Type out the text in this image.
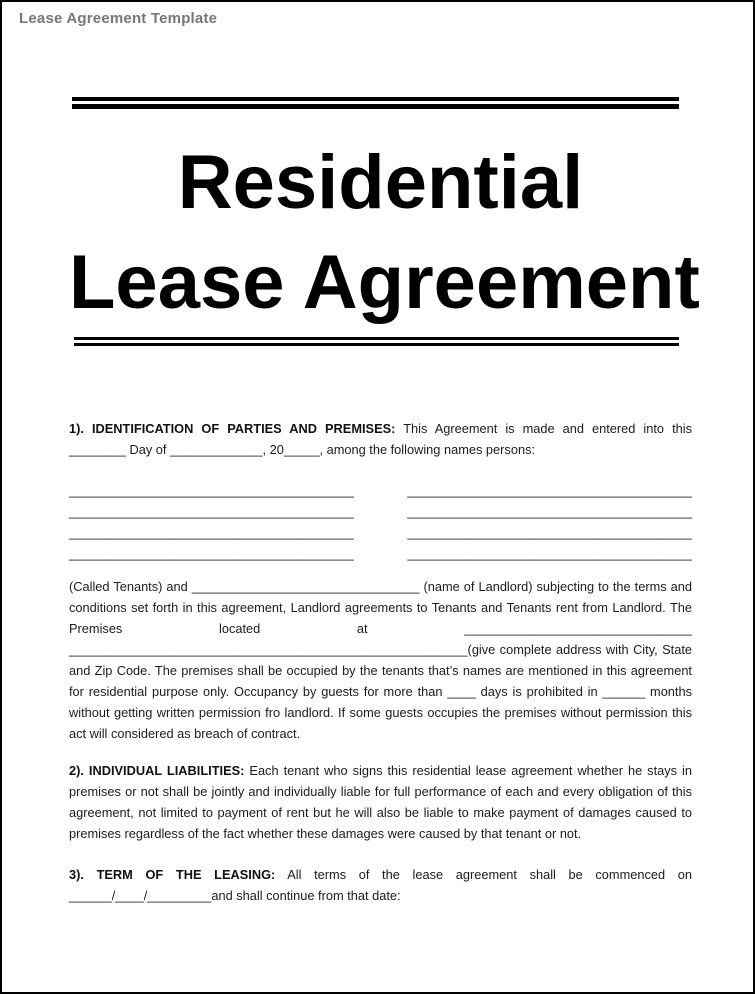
Lease Agreement Template
Residential
Lease Agreement

1). IDENTIFICATION OF PARTIES AND PREMISES: This Agreement is made and entered into this ________ Day of _____________, 20_____, among the following names persons:

________________________________________	________________________________________
________________________________________	________________________________________
________________________________________	________________________________________
________________________________________	________________________________________

(Called Tenants) and ________________________________ (name of Landlord) subjecting to the terms and conditions set forth in this agreement, Landlord agreements to Tenants and Tenants rent from Landlord. The Premises located at ________________________________ ________________________________________________________(give complete address with City, State and Zip Code. The premises shall be occupied by the tenants that’s names are mentioned in this agreement for residential purpose only. Occupancy by guests for more than ____ days is prohibited in ______ months without getting written permission fro landlord. If some guests occupies the premises without permission this act will considered as breach of contract.

2). INDIVIDUAL LIABILITIES: Each tenant who signs this residential lease agreement whether he stays in premises or not shall be jointly and individually liable for full performance of each and every obligation of this agreement, not limited to payment of rent but he will also be liable to make payment of damages caused to premises regardless of the fact whether these damages were caused by that tenant or not.

3). TERM OF THE LEASING: All terms of the lease agreement shall be commenced on ______/____/_________and shall continue from that date:
